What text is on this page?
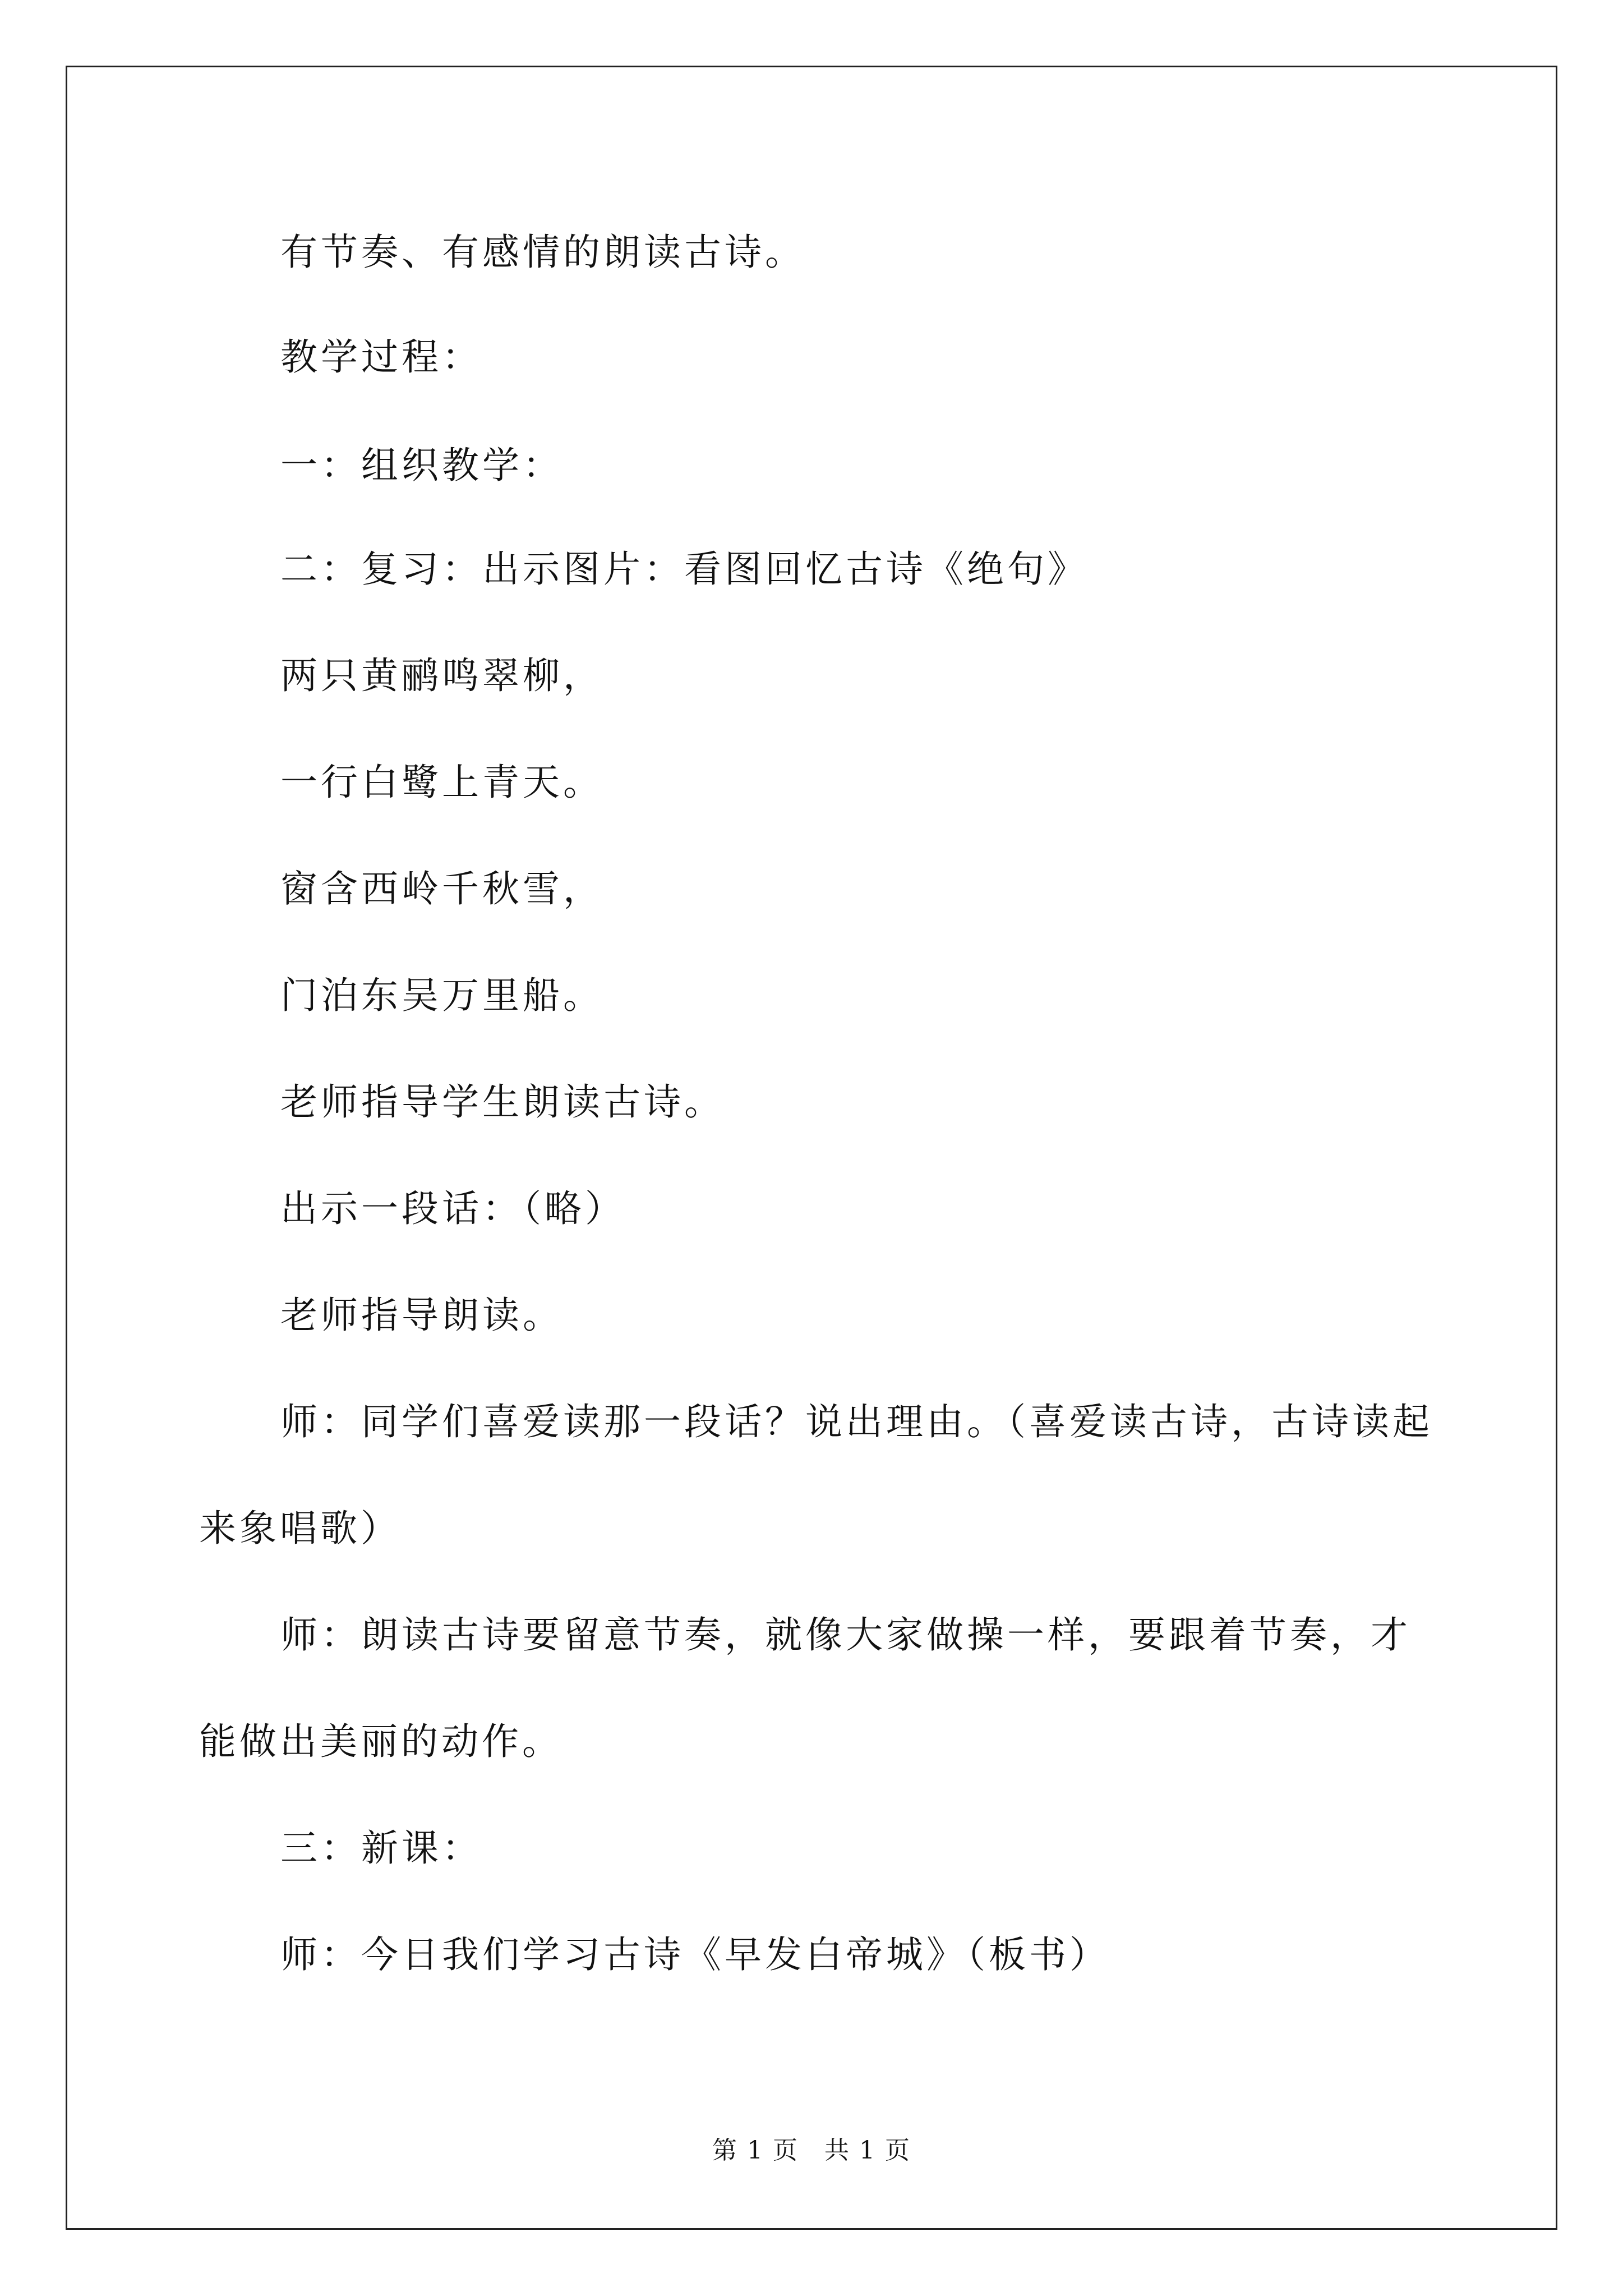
有节奏、有感情的朗读古诗。

教学过程：

一：组织教学：

二：复习：出示图片：看图回忆古诗《绝句》

两只黄鹂鸣翠柳，

一行白鹭上青天。

窗含西岭千秋雪，

门泊东吴万里船。

老师指导学生朗读古诗。

出示一段话：（略）

老师指导朗读。

师：同学们喜爱读那一段话？说出理由。（喜爱读古诗，古诗读起

来象唱歌）

师：朗读古诗要留意节奏，就像大家做操一样，要跟着节奏，才

能做出美丽的动作。

三：新课：

师：今日我们学习古诗《早发白帝城》（板书）

第 1 页　共 1 页
